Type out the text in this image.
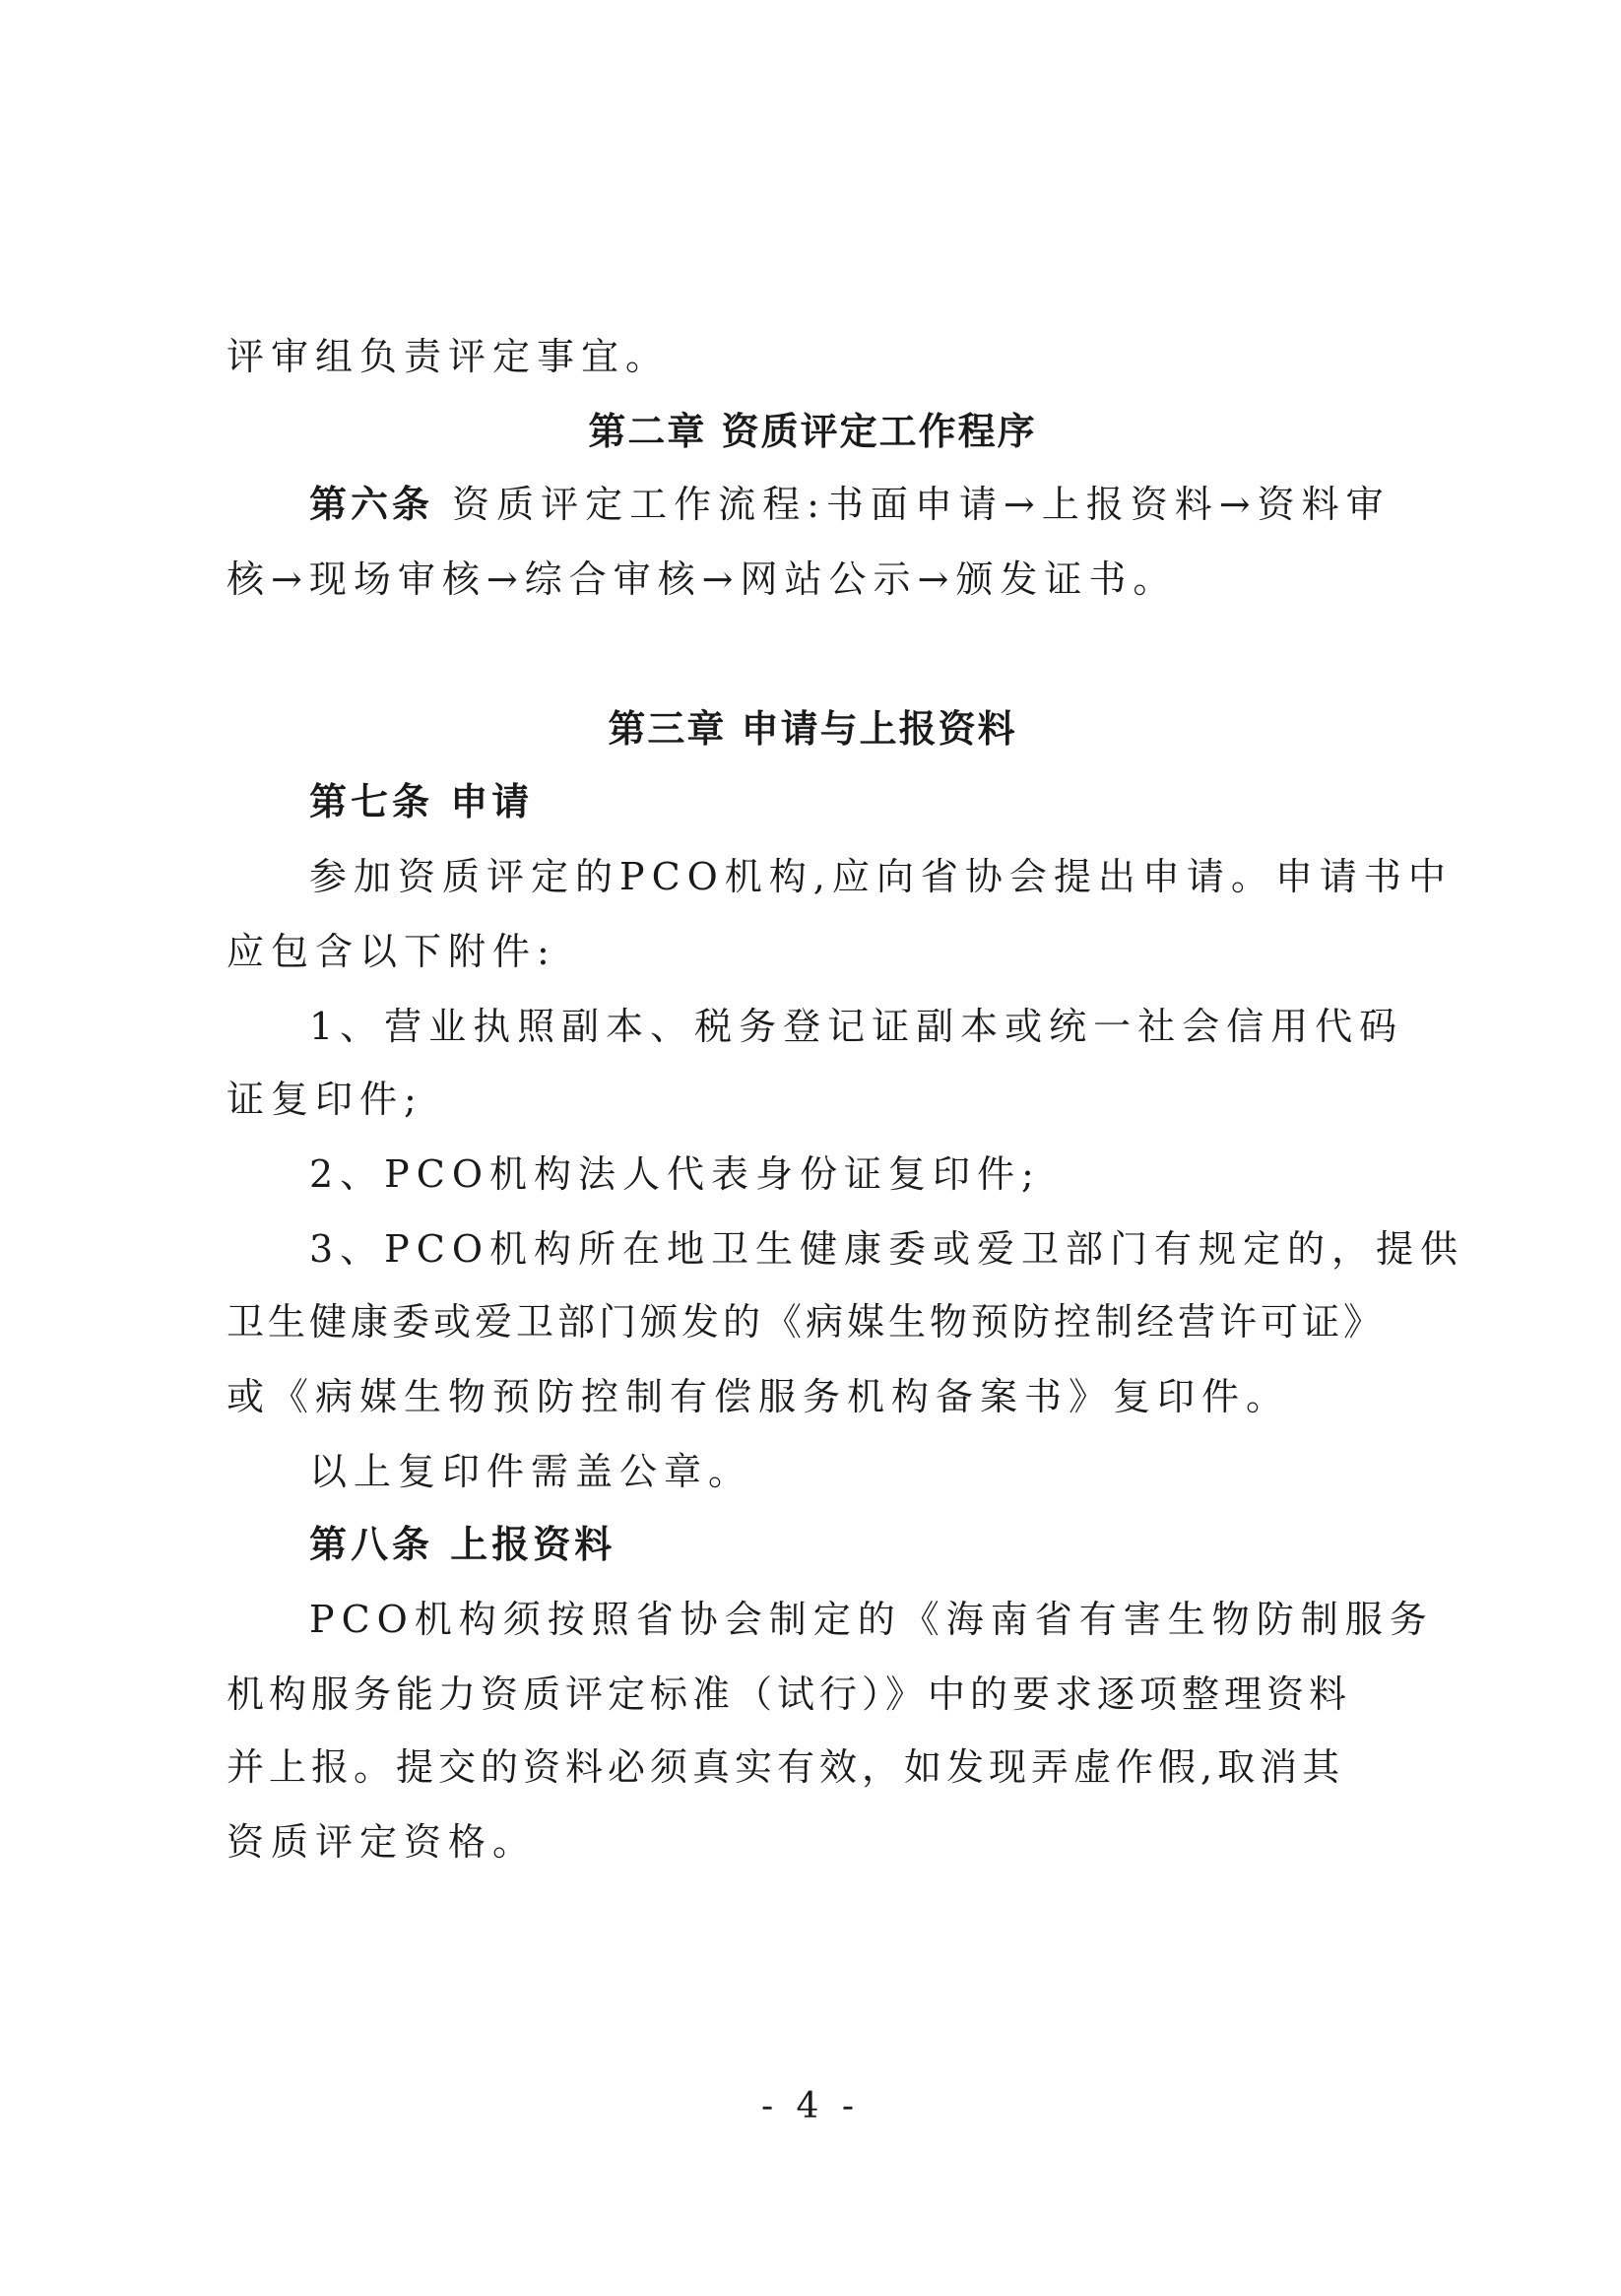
评审组负责评定事宜。
第二章 资质评定工作程序
第六条 资质评定工作流程:书面申请→上报资料→资料审
核→现场审核→综合审核→网站公示→颁发证书。
第三章 申请与上报资料
第七条 申请
参加资质评定的PCO机构,应向省协会提出申请。申请书中
应包含以下附件:
1、营业执照副本、税务登记证副本或统一社会信用代码
证复印件;
2、PCO机构法人代表身份证复印件;
3、PCO机构所在地卫生健康委或爱卫部门有规定的，提供
卫生健康委或爱卫部门颁发的《病媒生物预防控制经营许可证》
或《病媒生物预防控制有偿服务机构备案书》复印件。
以上复印件需盖公章。
第八条 上报资料
PCO机构须按照省协会制定的《海南省有害生物防制服务
机构服务能力资质评定标准（试行）》中的要求逐项整理资料
并上报。提交的资料必须真实有效，如发现弄虚作假,取消其
资质评定资格。
- 4 -
